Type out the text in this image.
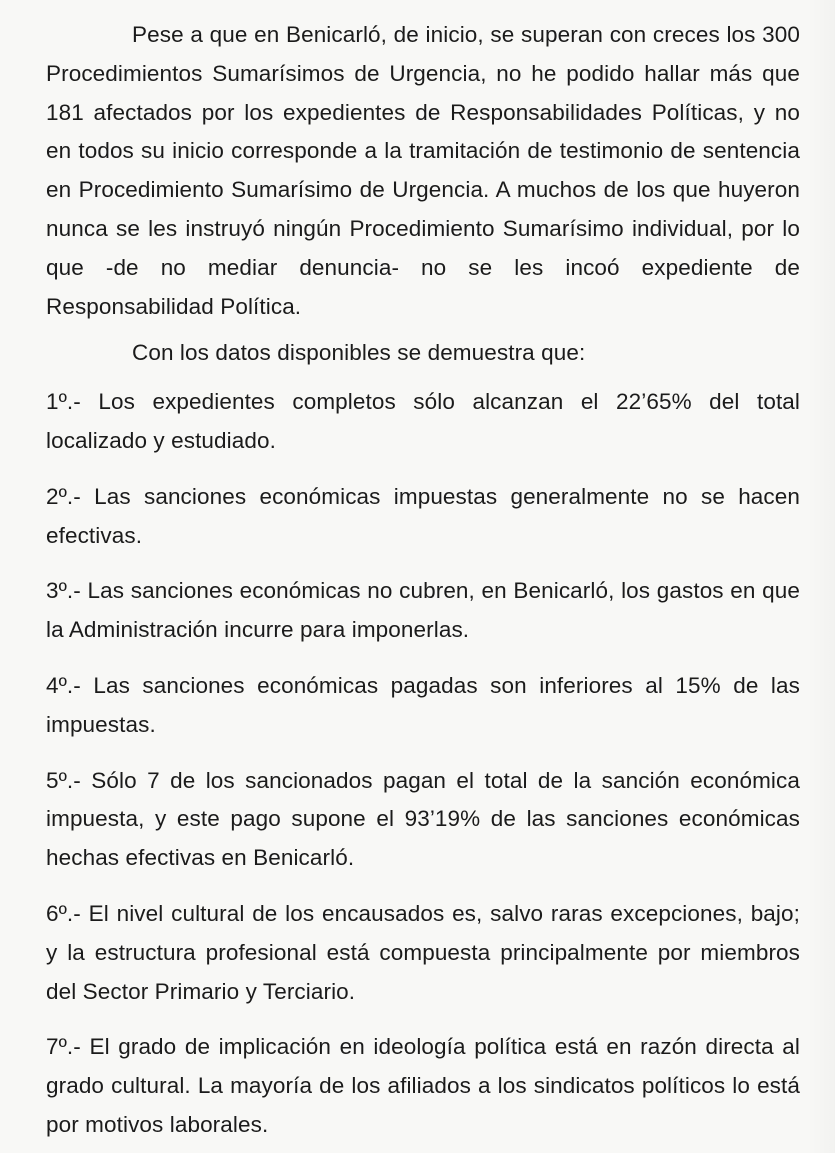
Pese a que en Benicarló, de inicio, se superan con creces los 300 Procedimientos Sumarísimos de Urgencia, no he podido hallar más que 181 afectados por los expedientes de Responsabilidades Políticas, y no en todos su inicio corresponde a la tramitación de testimonio de sentencia en Procedimiento Sumarísimo de Urgencia. A muchos de los que huyeron nunca se les instruyó ningún Procedimiento Sumarísimo individual, por lo que -de no mediar denuncia- no se les incoó expediente de Responsabilidad Política.

Con los datos disponibles se demuestra que:

1º.- Los expedientes completos sólo alcanzan el 22’65% del total localizado y estudiado.

2º.- Las sanciones económicas impuestas generalmente no se hacen efectivas.

3º.- Las sanciones económicas no cubren, en Benicarló, los gastos en que la Administración incurre para imponerlas.

4º.- Las sanciones económicas pagadas son inferiores al 15% de las impuestas.

5º.- Sólo 7 de los sancionados pagan el total de la sanción económica impuesta, y este pago supone el 93’19% de las sanciones económicas hechas efectivas en Benicarló.

6º.- El nivel cultural de los encausados es, salvo raras excepciones, bajo; y la estructura profesional está compuesta principalmente por miembros del Sector Primario y Terciario.

7º.- El grado de implicación en ideología política está en razón directa al grado cultural. La mayoría de los afiliados a los sindicatos políticos lo está por motivos laborales.
